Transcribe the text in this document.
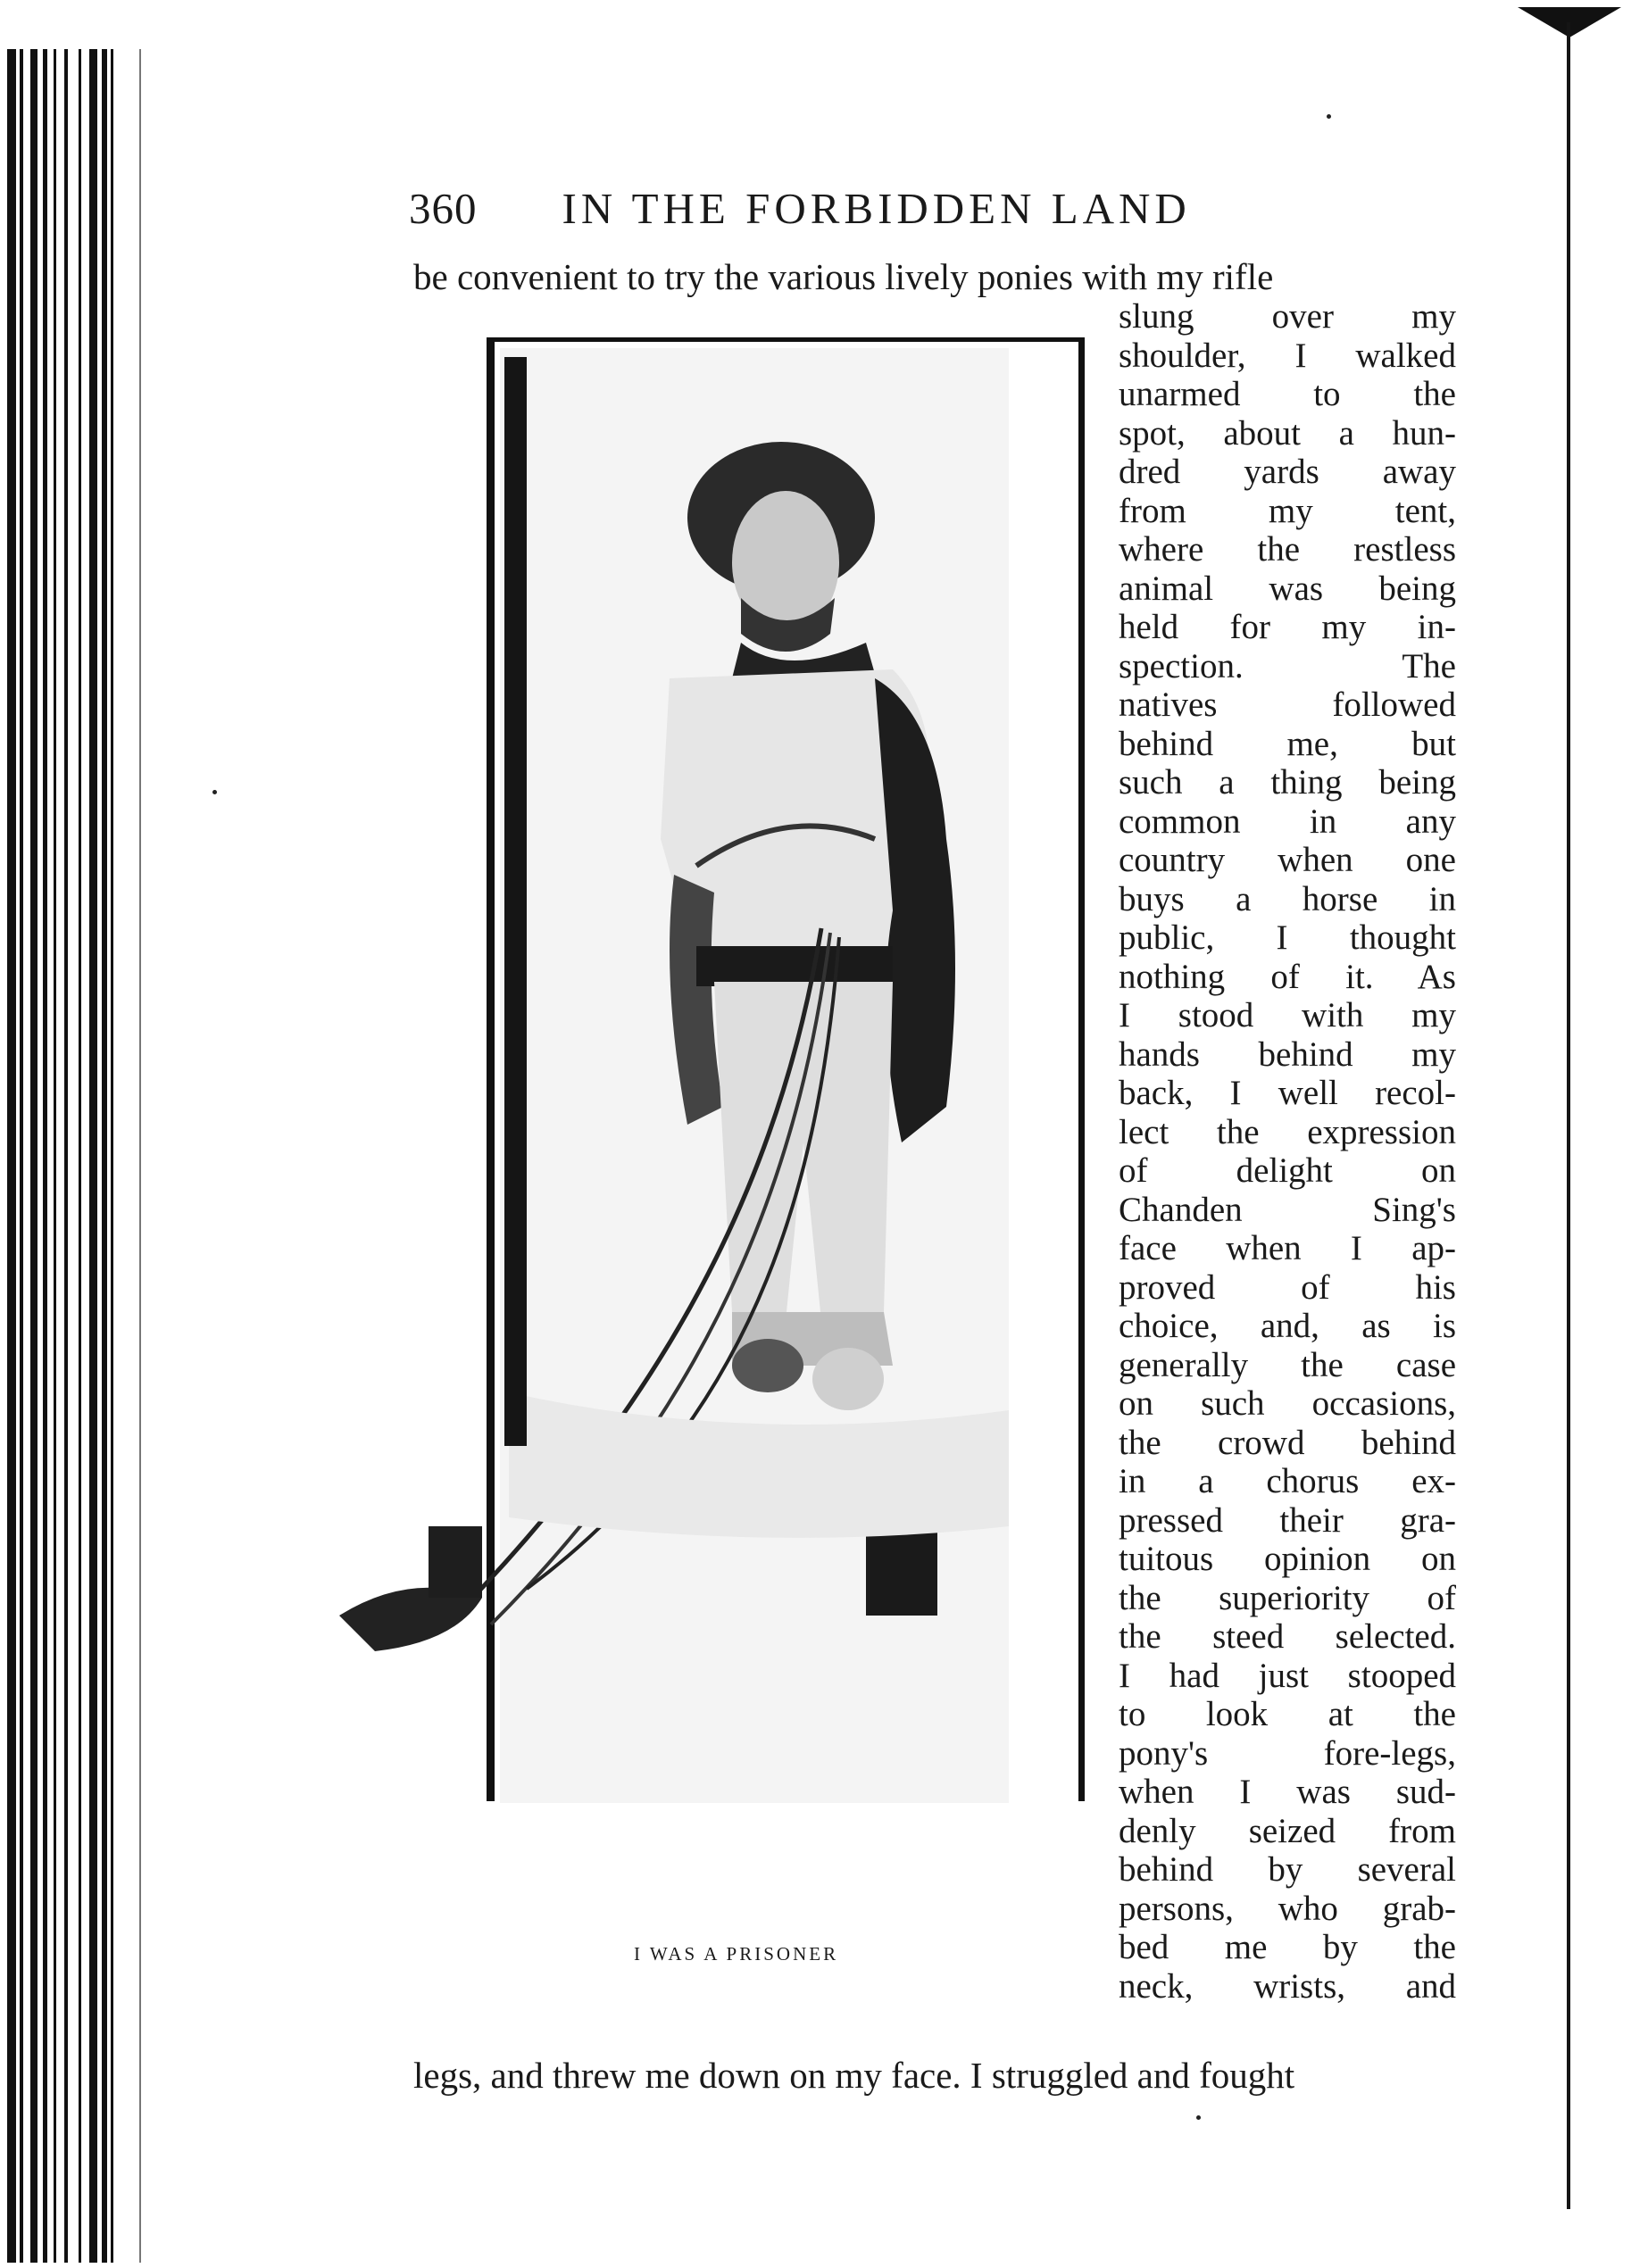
360 IN THE FORBIDDEN LAND
be convenient to try the various lively ponies with my rifle
slung over my
shoulder, I walked
unarmed to the
spot, about a hun-
dred yards away
from my tent,
where the restless
animal was being
held for my in-
spection. The
natives followed
behind me, but
such a thing being
common in any
country when one
buys a horse in
public, I thought
nothing of it. As
I stood with my
hands behind my
back, I well recol-
lect the expression
of delight on
Chanden Sing's
face when I ap-
proved of his
choice, and, as is
generally the case
on such occasions,
the crowd behind
in a chorus ex-
pressed their gra-
tuitous opinion on
the superiority of
the steed selected.
I had just stooped
to look at the
pony's fore-legs,
when I was sud-
denly seized from
behind by several
persons, who grab-
bed me by the
neck, wrists, and
I WAS A PRISONER
legs, and threw me down on my face. I struggled and fought
